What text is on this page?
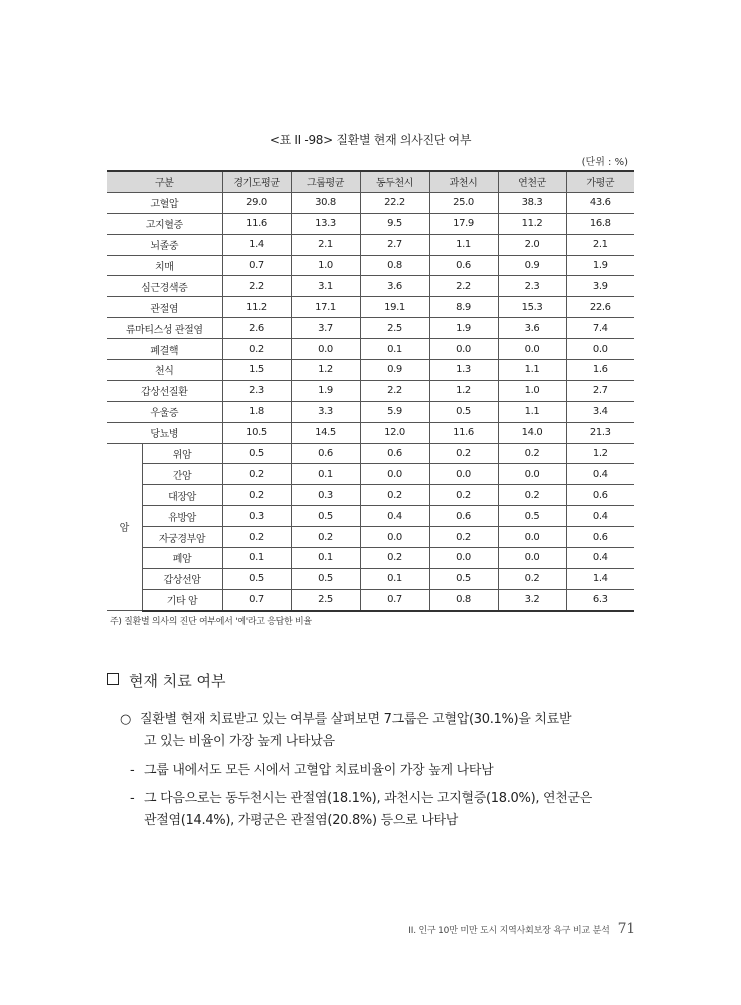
<표 II -98> 질환별 현재 의사진단 여부
(단위 : %)
구분		경기도평균	그룹평균	동두천시	과천시	연천군	가평군
고혈압		29.0	30.8	22.2	25.0	38.3	43.6
고지혈증		11.6	13.3	9.5	17.9	11.2	16.8
뇌졸중		1.4	2.1	2.7	1.1	2.0	2.1
치매		0.7	1.0	0.8	0.6	0.9	1.9
심근경색증		2.2	3.1	3.6	2.2	2.3	3.9
관절염		11.2	17.1	19.1	8.9	15.3	22.6
류마티스성 관절염		2.6	3.7	2.5	1.9	3.6	7.4
폐결핵		0.2	0.0	0.1	0.0	0.0	0.0
천식		1.5	1.2	0.9	1.3	1.1	1.6
갑상선질환		2.3	1.9	2.2	1.2	1.0	2.7
우울증		1.8	3.3	5.9	0.5	1.1	3.4
당뇨병		10.5	14.5	12.0	11.6	14.0	21.3
암	위암	0.5	0.6	0.6	0.2	0.2	1.2
	간암	0.2	0.1	0.0	0.0	0.0	0.4
	대장암	0.2	0.3	0.2	0.2	0.2	0.6
	유방암	0.3	0.5	0.4	0.6	0.5	0.4
	자궁경부암	0.2	0.2	0.0	0.2	0.0	0.6
	폐암	0.1	0.1	0.2	0.0	0.0	0.4
	갑상선암	0.5	0.5	0.1	0.5	0.2	1.4
	기타 암	0.7	2.5	0.7	0.8	3.2	6.3
주) 질환별 의사의 진단 여부에서 '예'라고 응답한 비율
현재 치료 여부
○ 질환별 현재 치료받고 있는 여부를 살펴보면 7그룹은 고혈압(30.1%)을 치료받
고 있는 비율이 가장 높게 나타났음
- 그룹 내에서도 모든 시에서 고혈압 치료비율이 가장 높게 나타남
- 그 다음으로는 동두천시는 관절염(18.1%), 과천시는 고지혈증(18.0%), 연천군은
관절염(14.4%), 가평군은 관절염(20.8%) 등으로 나타남
II. 인구 10만 미만 도시 지역사회보장 욕구 비교 분석 71
